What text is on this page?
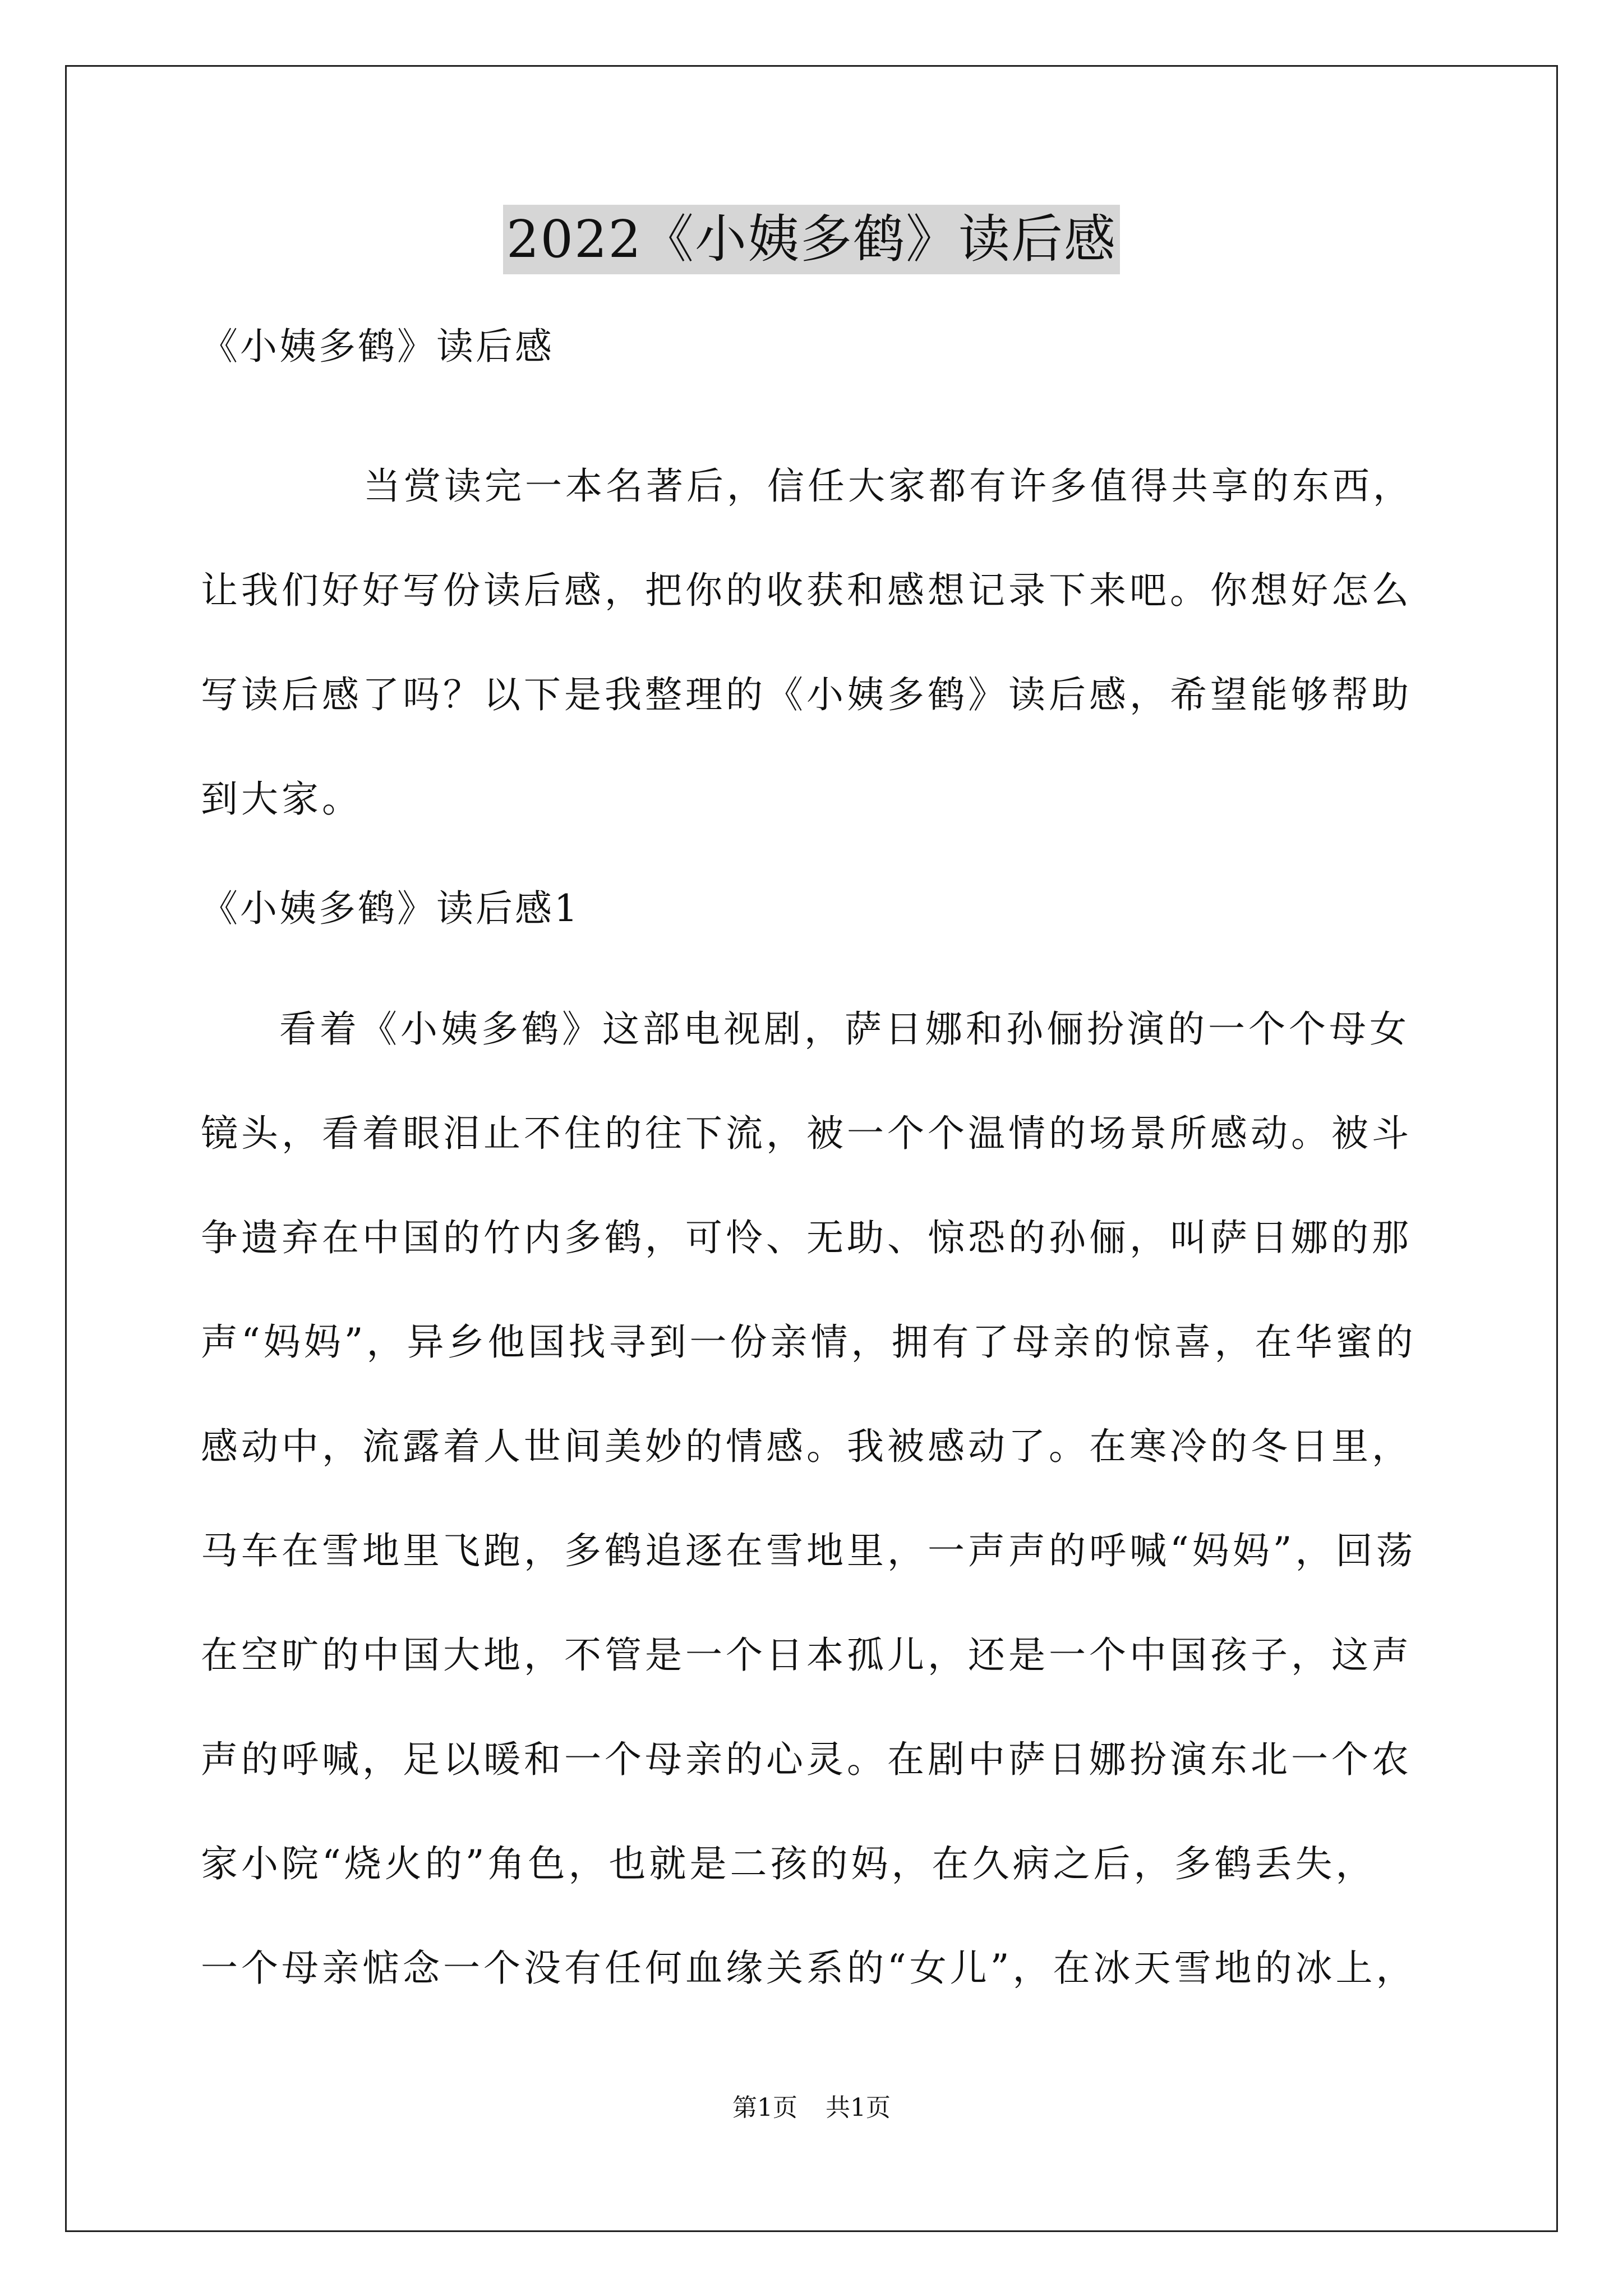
2022《小姨多鹤》读后感
《小姨多鹤》读后感

当赏读完一本名著后，信任大家都有许多值得共享的东西，

让我们好好写份读后感，把你的收获和感想记录下来吧。你想好怎么

写读后感了吗？以下是我整理的《小姨多鹤》读后感，希望能够帮助

到大家。

《小姨多鹤》读后感1

看着《小姨多鹤》这部电视剧，萨日娜和孙俪扮演的一个个母女

镜头，看着眼泪止不住的往下流，被一个个温情的场景所感动。被斗

争遗弃在中国的竹内多鹤，可怜、无助、惊恐的孙俪，叫萨日娜的那

声“妈妈”，异乡他国找寻到一份亲情，拥有了母亲的惊喜，在华蜜的

感动中，流露着人世间美妙的情感。我被感动了。在寒冷的冬日里，

马车在雪地里飞跑，多鹤追逐在雪地里，一声声的呼喊“妈妈”，回荡

在空旷的中国大地，不管是一个日本孤儿，还是一个中国孩子，这声

声的呼喊，足以暖和一个母亲的心灵。在剧中萨日娜扮演东北一个农

家小院“烧火的”角色，也就是二孩的妈，在久病之后，多鹤丢失，

一个母亲惦念一个没有任何血缘关系的“女儿”，在冰天雪地的冰上，

第1页 共1页
